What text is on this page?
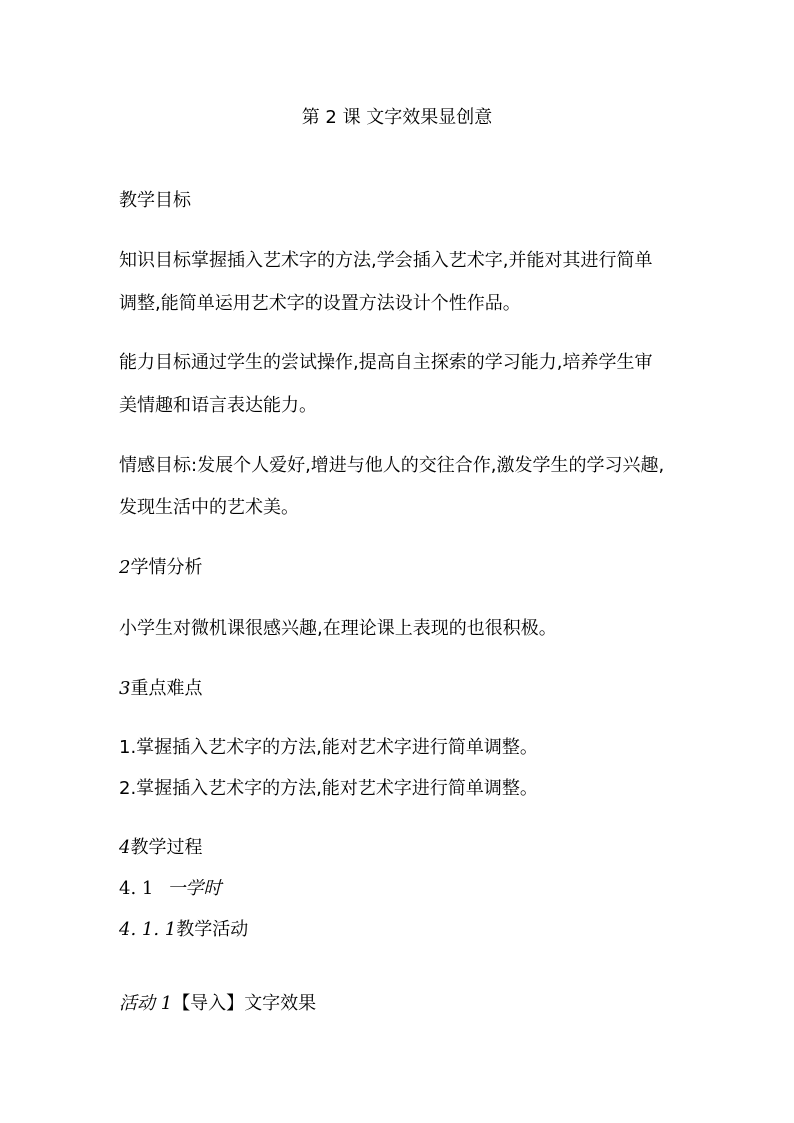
第 2 课 文字效果显创意
教学目标
知识目标掌握插入艺术字的方法,学会插入艺术字,并能对其进行简单
调整,能简单运用艺术字的设置方法设计个性作品。
能力目标通过学生的尝试操作,提高自主探索的学习能力,培养学生审
美情趣和语言表达能力。
情感目标:发展个人爱好,增进与他人的交往合作,激发学生的学习兴趣,
发现生活中的艺术美。
2学情分析
小学生对微机课很感兴趣,在理论课上表现的也很积极。
3重点难点
1.掌握插入艺术字的方法,能对艺术字进行简单调整。
2.掌握插入艺术字的方法,能对艺术字进行简单调整。
4教学过程
4. 1 一学时
4. 1. 1教学活动
活动 1【导入】文字效果
